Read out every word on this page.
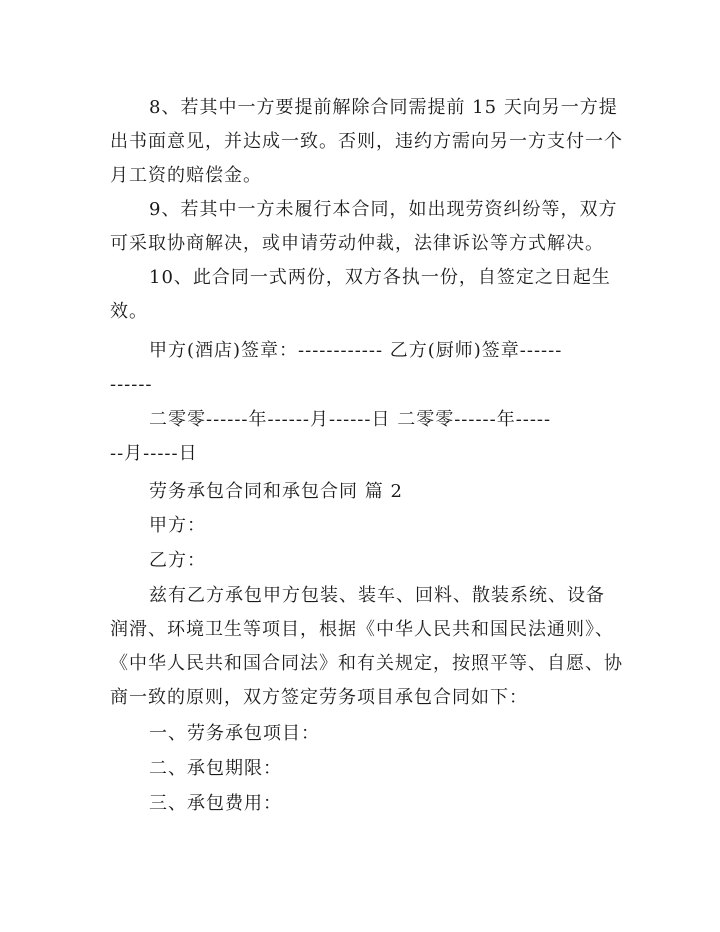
8、若其中一方要提前解除合同需提前 15 天向另一方提
出书面意见，并达成一致。否则，违约方需向另一方支付一个
月工资的赔偿金。
9、若其中一方未履行本合同，如出现劳资纠纷等，双方
可采取协商解决，或申请劳动仲裁，法律诉讼等方式解决。
10、此合同一式两份，双方各执一份，自签定之日起生
效。
甲方(酒店)签章：------------ 乙方(厨师)签章------
------
二零零------年------月------日 二零零------年-----
--月-----日
劳务承包合同和承包合同 篇 2
甲方：
乙方：
兹有乙方承包甲方包装、装车、回料、散装系统、设备
润滑、环境卫生等项目，根据《中华人民共和国民法通则》、
《中华人民共和国合同法》和有关规定，按照平等、自愿、协
商一致的原则，双方签定劳务项目承包合同如下：
一、劳务承包项目：
二、承包期限：
三、承包费用：
